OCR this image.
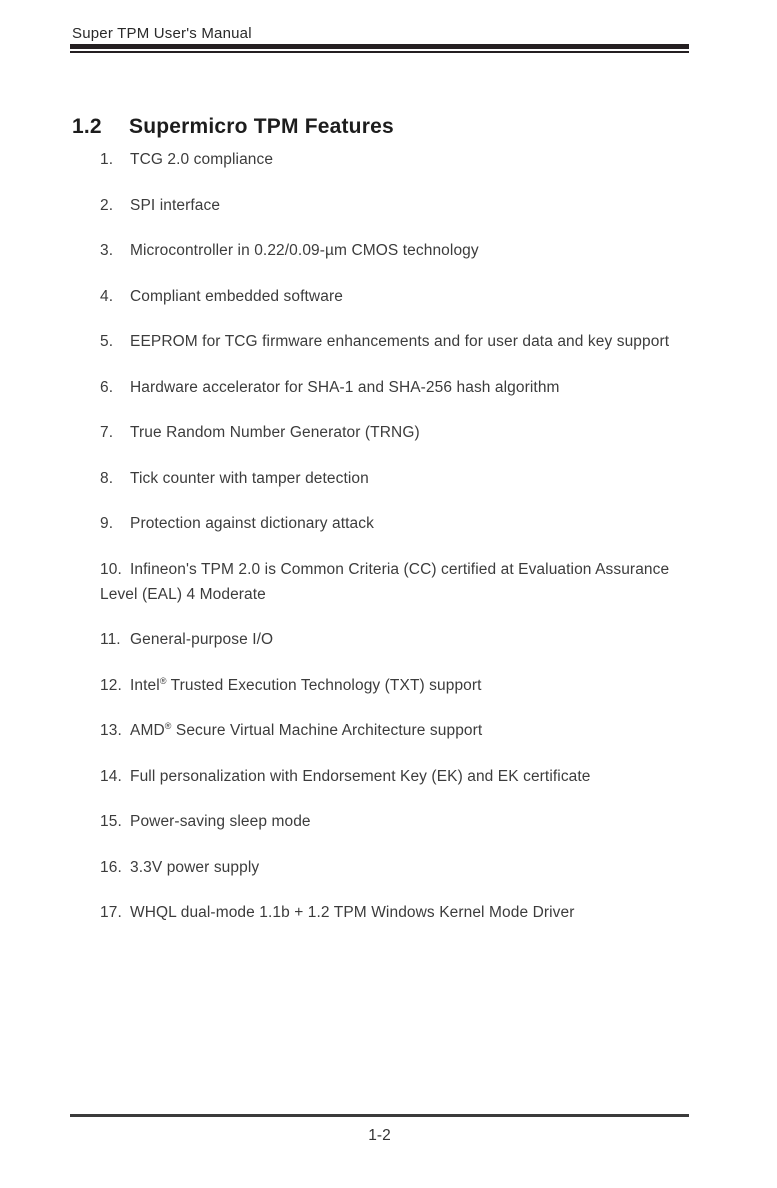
Super TPM User's Manual
1.2 Supermicro TPM Features
1. TCG 2.0 compliance
2. SPI interface
3. Microcontroller in 0.22/0.09-µm CMOS technology
4. Compliant embedded software
5. EEPROM for TCG firmware enhancements and for user data and key support
6. Hardware accelerator for SHA-1 and SHA-256 hash algorithm
7. True Random Number Generator (TRNG)
8. Tick counter with tamper detection
9. Protection against dictionary attack
10. Infineon's TPM 2.0 is Common Criteria (CC) certified at Evaluation Assurance Level (EAL) 4 Moderate
11. General-purpose I/O
12. Intel® Trusted Execution Technology (TXT) support
13. AMD® Secure Virtual Machine Architecture support
14. Full personalization with Endorsement Key (EK) and EK certificate
15. Power-saving sleep mode
16. 3.3V power supply
17. WHQL dual-mode 1.1b + 1.2 TPM Windows Kernel Mode Driver
1-2
